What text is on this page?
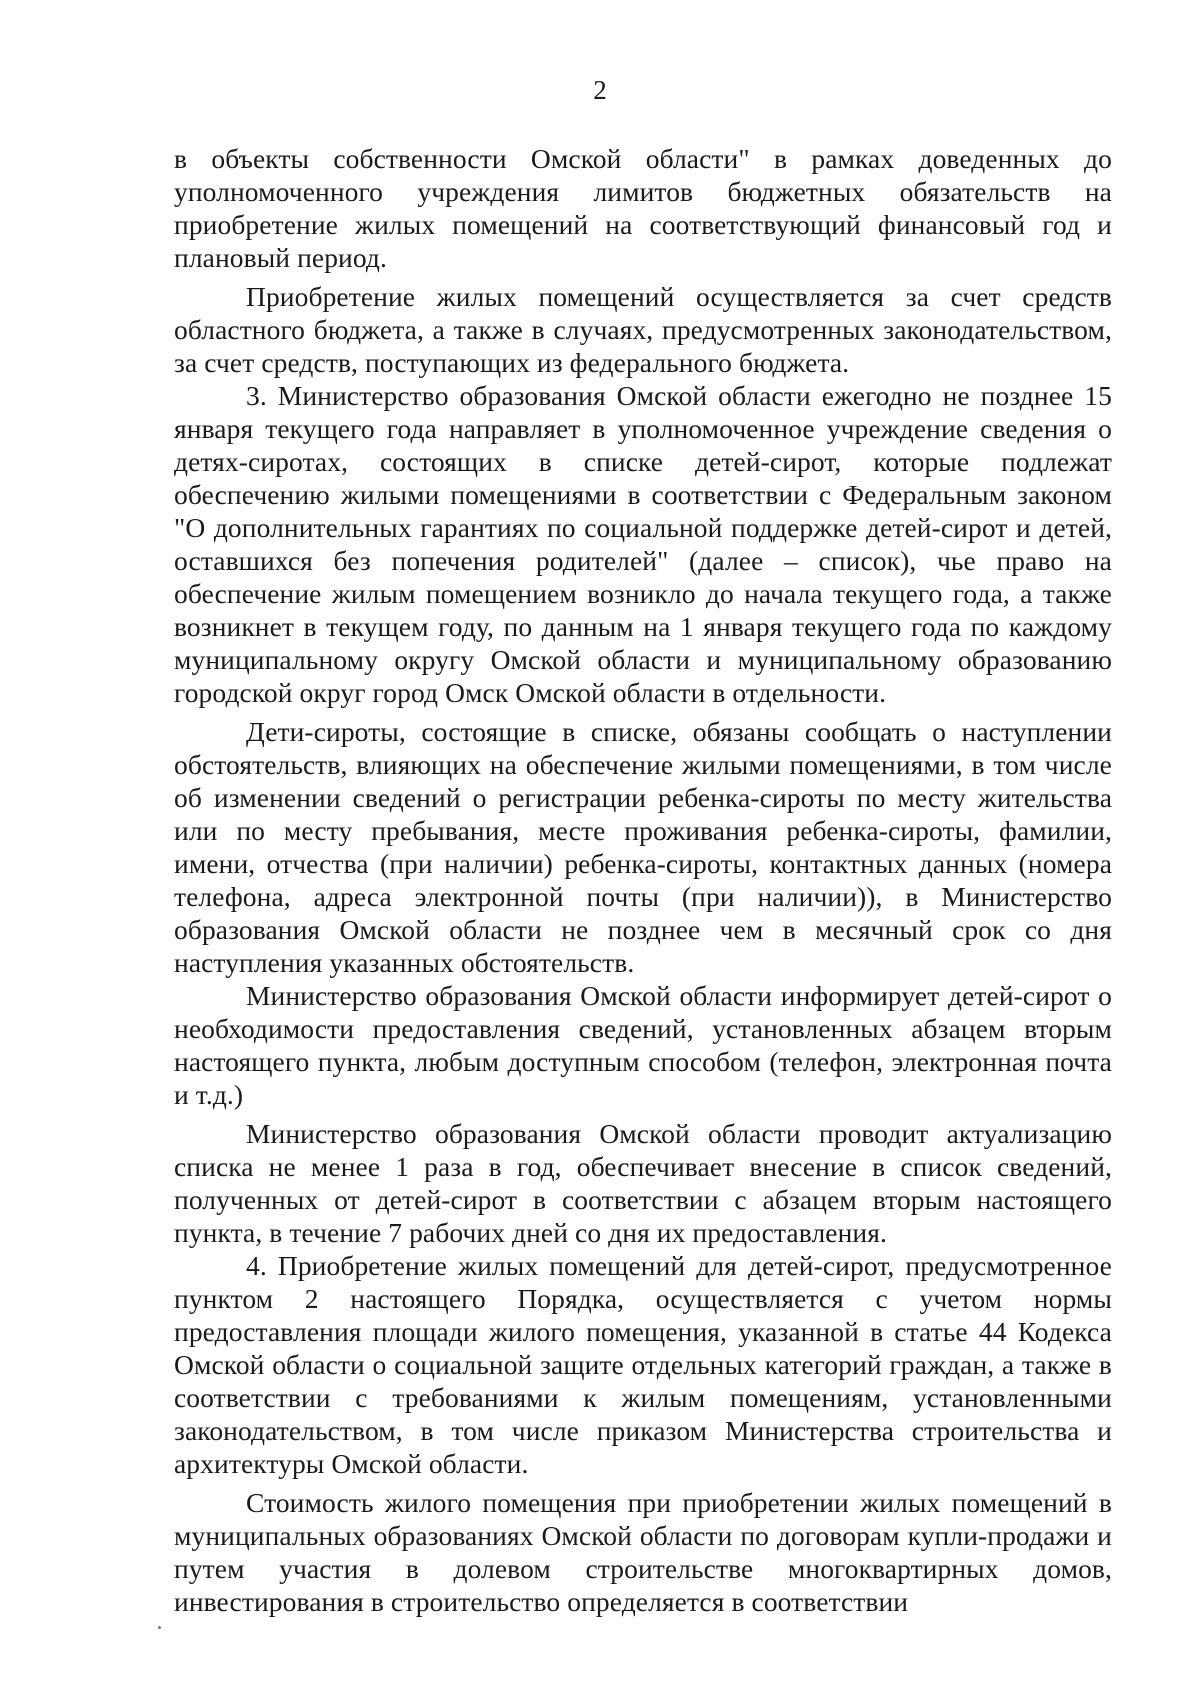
2

в объекты собственности Омской области" в рамках доведенных до уполномоченного учреждения лимитов бюджетных обязательств на приобретение жилых помещений на соответствующий финансовый год и плановый период.

Приобретение жилых помещений осуществляется за счет средств областного бюджета, а также в случаях, предусмотренных законодательством, за счет средств, поступающих из федерального бюджета.

3. Министерство образования Омской области ежегодно не позднее 15 января текущего года направляет в уполномоченное учреждение сведения о детях-сиротах, состоящих в списке детей-сирот, которые подлежат обеспечению жилыми помещениями в соответствии с Федеральным законом "О дополнительных гарантиях по социальной поддержке детей-сирот и детей, оставшихся без попечения родителей" (далее – список), чье право на обеспечение жилым помещением возникло до начала текущего года, а также возникнет в текущем году, по данным на 1 января текущего года по каждому муниципальному округу Омской области и муниципальному образованию городской округ город Омск Омской области в отдельности.

Дети-сироты, состоящие в списке, обязаны сообщать о наступлении обстоятельств, влияющих на обеспечение жилыми помещениями, в том числе об изменении сведений о регистрации ребенка-сироты по месту жительства или по месту пребывания, месте проживания ребенка-сироты, фамилии, имени, отчества (при наличии) ребенка-сироты, контактных данных (номера телефона, адреса электронной почты (при наличии)), в Министерство образования Омской области не позднее чем в месячный срок со дня наступления указанных обстоятельств.

Министерство образования Омской области информирует детей-сирот о необходимости предоставления сведений, установленных абзацем вторым настоящего пункта, любым доступным способом (телефон, электронная почта и т.д.)

Министерство образования Омской области проводит актуализацию списка не менее 1 раза в год, обеспечивает внесение в список сведений, полученных от детей-сирот в соответствии с абзацем вторым настоящего пункта, в течение 7 рабочих дней со дня их предоставления.

4. Приобретение жилых помещений для детей-сирот, предусмотренное пунктом 2 настоящего Порядка, осуществляется с учетом нормы предоставления площади жилого помещения, указанной в статье 44 Кодекса Омской области о социальной защите отдельных категорий граждан, а также в соответствии с требованиями к жилым помещениям, установленными законодательством, в том числе приказом Министерства строительства и архитектуры Омской области.

Стоимость жилого помещения при приобретении жилых помещений в муниципальных образованиях Омской области по договорам купли-продажи и путем участия в долевом строительстве многоквартирных домов, инвестирования в строительство определяется в соответствии
